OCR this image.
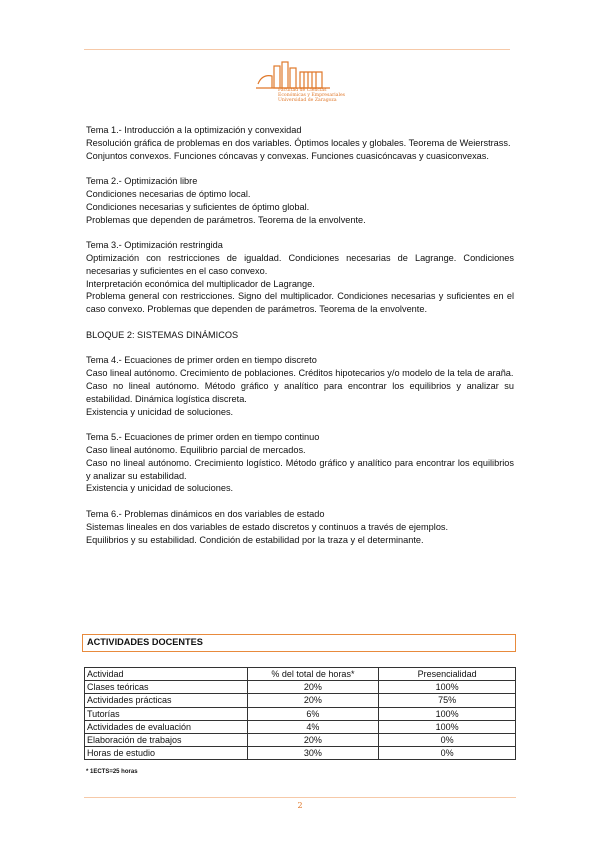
Facultad de Ciencias
Económicas y Empresariales
Universidad de Zaragoza

Tema 1.- Introducción a la optimización y convexidad

Resolución gráfica de problemas en dos variables. Óptimos locales y globales. Teorema de Weierstrass.

Conjuntos convexos. Funciones cóncavas y convexas. Funciones cuasicóncavas y cuasiconvexas.

Tema 2.- Optimización libre

Condiciones necesarias de óptimo local.

Condiciones necesarias y suficientes de óptimo global.

Problemas que dependen de parámetros. Teorema de la envolvente.

Tema 3.- Optimización restringida

Optimización con restricciones de igualdad. Condiciones necesarias de Lagrange. Condiciones necesarias y suficientes en el caso convexo.

Interpretación económica del multiplicador de Lagrange.

Problema general con restricciones. Signo del multiplicador. Condiciones necesarias y suficientes en el caso convexo. Problemas que dependen de parámetros. Teorema de la envolvente.

BLOQUE 2: SISTEMAS DINÁMICOS

Tema 4.- Ecuaciones de primer orden en tiempo discreto

Caso lineal autónomo. Crecimiento de poblaciones. Créditos hipotecarios y/o modelo de la tela de araña.

Caso no lineal autónomo. Método gráfico y analítico para encontrar los equilibrios y analizar su estabilidad. Dinámica logística discreta.

Existencia y unicidad de soluciones.

Tema 5.- Ecuaciones de primer orden en tiempo continuo

Caso lineal autónomo. Equilibrio parcial de mercados.

Caso no lineal autónomo. Crecimiento logístico. Método gráfico y analítico para encontrar los equilibrios y analizar su estabilidad.

Existencia y unicidad de soluciones.

Tema 6.- Problemas dinámicos en dos variables de estado

Sistemas lineales en dos variables de estado discretos y continuos a través de ejemplos.

Equilibrios y su estabilidad. Condición de estabilidad por la traza y el determinante.

ACTIVIDADES DOCENTES
Actividad	% del total de horas*	Presencialidad
Clases teóricas	20%	100%
Actividades prácticas	20%	75%
Tutorías	6%	100%
Actividades de evaluación	4%	100%
Elaboración de trabajos	20%	0%
Horas de estudio	30%	0%
* 1ECTS=25 horas
2
